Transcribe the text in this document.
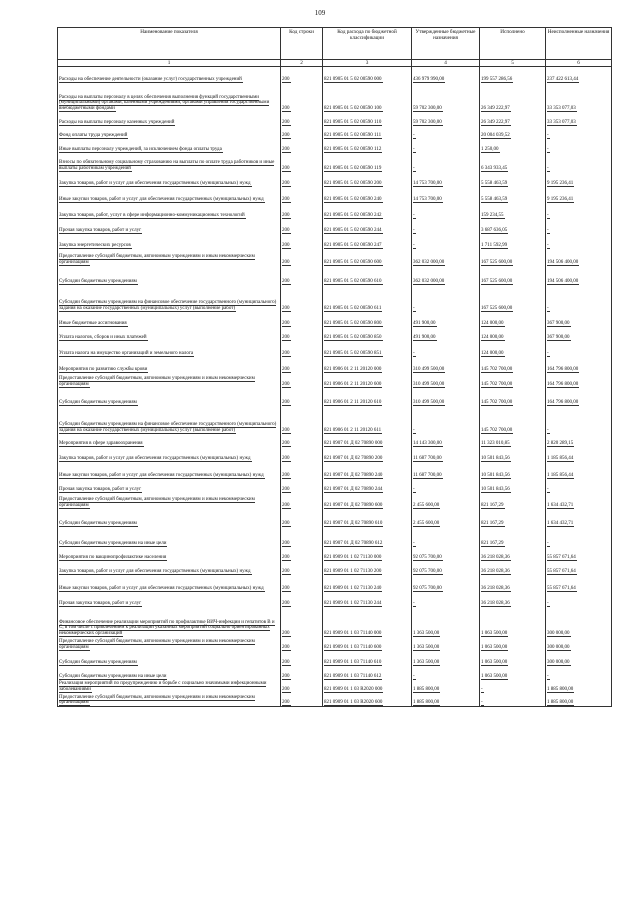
109
Наименование показателя	Код строки	Код расхода по бюджетной классификации	Утвержденные бюджетные назначения	Исполнено	Неисполненные назначения
1	2	3	4	5	6
Расходы на обеспечение деятельности (оказание услуг) государственных учреждений	200	821 0905 01 5 02 00590 000	436 979 990,00	199 557 286,56	237 422 613,44
Расходы на выплаты персоналу в целях обеспечения выполнения функций государственными (муниципальными) органами, казенными учреждениями, органами управления государственными внебюджетными фондами	200	821 0905 01 5 02 00590 100	59 702 300,00	26 349 222,97	33 353 077,03
Расходы на выплаты персоналу казенных учреждений	200	821 0905 01 5 02 00590 110	59 702 300,00	26 349 222,97	33 353 077,03
Фонд оплаты труда учреждений	200	821 0905 01 5 02 00590 111	-	20 004 039,52	-
Иные выплаты персоналу учреждений, за исключением фонда оплаты труда	200	821 0905 01 5 02 00590 112	-	1 250,00	-
Взносы по обязательному социальному страхованию на выплаты по оплате труда работников и иные выплаты работникам учреждений	200	821 0905 01 5 02 00590 119	-	6 343 933,45	-
Закупка товаров, работ и услуг для обеспечения государственных (муниципальных) нужд	200	821 0905 01 5 02 00590 200	14 753 700,00	5 558 463,59	9 195 236,41
Иные закупки товаров, работ и услуг для обеспечения государственных (муниципальных) нужд	200	821 0905 01 5 02 00590 240	14 753 700,00	5 558 463,59	9 195 236,41
Закупка товаров, работ, услуг в сфере информационно-коммуникационных технологий	200	821 0905 01 5 02 00590 242	-	159 234,55	-
Прочая закупка товаров, работ и услуг	200	821 0905 01 5 02 00590 244	-	3 687 636,05	-
Закупка энергетических ресурсов	200	821 0905 01 5 02 00590 247	-	1 711 592,99	-
Предоставление субсидий бюджетным, автономным учреждениям и иным некоммерческим организациям	200	821 0905 01 5 02 00590 600	362 032 000,00	167 525 600,00	194 506 400,00
Субсидии бюджетным учреждениям	200	821 0905 01 5 02 00590 610	362 032 000,00	167 525 600,00	194 506 400,00
Субсидии бюджетным учреждениям на финансовое обеспечение государственного (муниципального) задания на оказание государственных (муниципальных) услуг (выполнение работ)	200	821 0905 01 5 02 00590 611	-	167 525 600,00	-
Иные бюджетные ассигнования	200	821 0905 01 5 02 00590 800	491 900,00	124 000,00	367 900,00
Уплата налогов, сборов и иных платежей	200	821 0905 01 5 02 00590 850	491 900,00	124 000,00	367 900,00
Уплата налога на имущество организаций и земельного налога	200	821 0905 01 5 02 00590 851	-	124 000,00	-
Мероприятия по развитию службы крови	200	821 0906 01 2 11 20120 000	310 499 500,00	145 702 700,00	164 796 800,00
Предоставление субсидий бюджетным, автономным учреждениям и иным некоммерческим организациям	200	821 0906 01 2 11 20120 600	310 499 500,00	145 702 700,00	164 796 800,00
Субсидии бюджетным учреждениям	200	821 0906 01 2 11 20120 610	310 499 500,00	145 702 700,00	164 796 800,00
Субсидии бюджетным учреждениям на финансовое обеспечение государственного (муниципального) задания на оказание государственных (муниципальных) услуг (выполнение работ)	200	821 0906 01 2 11 20120 611	-	145 702 700,00	-
Мероприятия в сфере здравоохранения	200	821 0907 01 Д 02 70890 000	14 143 300,00	11 323 010,85	2 820 289,15
Закупка товаров, работ и услуг для обеспечения государственных (муниципальных) нужд	200	821 0907 01 Д 02 70890 200	11 687 700,00	10 501 843,56	1 185 856,44
Иные закупки товаров, работ и услуг для обеспечения государственных (муниципальных) нужд	200	821 0907 01 Д 02 70890 240	11 687 700,00	10 501 843,56	1 185 856,44
Прочая закупка товаров, работ и услуг	200	821 0907 01 Д 02 70890 244	-	10 501 843,56	-
Предоставление субсидий бюджетным, автономным учреждениям и иным некоммерческим организациям	200	821 0907 01 Д 02 70890 600	2 455 600,00	821 167,29	1 634 432,71
Субсидии бюджетным учреждениям	200	821 0907 01 Д 02 70890 610	2 455 600,00	821 167,29	1 634 432,71
Субсидии бюджетным учреждениям на иные цели	200	821 0907 01 Д 02 70890 612	-	821 167,29	-
Мероприятия по вакцинопрофилактике населения	200	821 0909 01 1 02 71130 000	92 075 700,00	36 218 028,36	55 857 671,64
Закупка товаров, работ и услуг для обеспечения государственных (муниципальных) нужд	200	821 0909 01 1 02 71130 200	92 075 700,00	36 218 028,36	55 857 671,64
Иные закупки товаров, работ и услуг для обеспечения государственных (муниципальных) нужд	200	821 0909 01 1 02 71130 240	92 075 700,00	36 218 028,36	55 857 671,64
Прочая закупка товаров, работ и услуг	200	821 0909 01 1 02 71130 244	-	36 218 028,36	-
Финансовое обеспечение реализации мероприятий по профилактике ВИЧ-инфекции и гепатитов В и С, в том числе с привлечением к реализации указанных мероприятий социально ориентированных некоммерческих организаций	200	821 0909 01 1 03 71140 000	1 363 500,00	1 063 500,00	300 000,00
Предоставление субсидий бюджетным, автономным учреждениям и иным некоммерческим организациям	200	821 0909 01 1 03 71140 600	1 363 500,00	1 063 500,00	300 000,00
Субсидии бюджетным учреждениям	200	821 0909 01 1 03 71140 610	1 363 500,00	1 063 500,00	300 000,00
Субсидии бюджетным учреждениям на иные цели	200	821 0909 01 1 03 71140 612	-	1 063 500,00	-
Реализация мероприятий по предупреждению и борьбе с социально значимыми инфекционными заболеваниями	200	821 0909 01 1 03 R2020 000	1 885 800,00	-	1 885 800,00
Предоставление субсидий бюджетным, автономным учреждениям и иным некоммерческим организациям	200	821 0909 01 1 03 R2020 600	1 885 800,00	-	1 885 800,00
